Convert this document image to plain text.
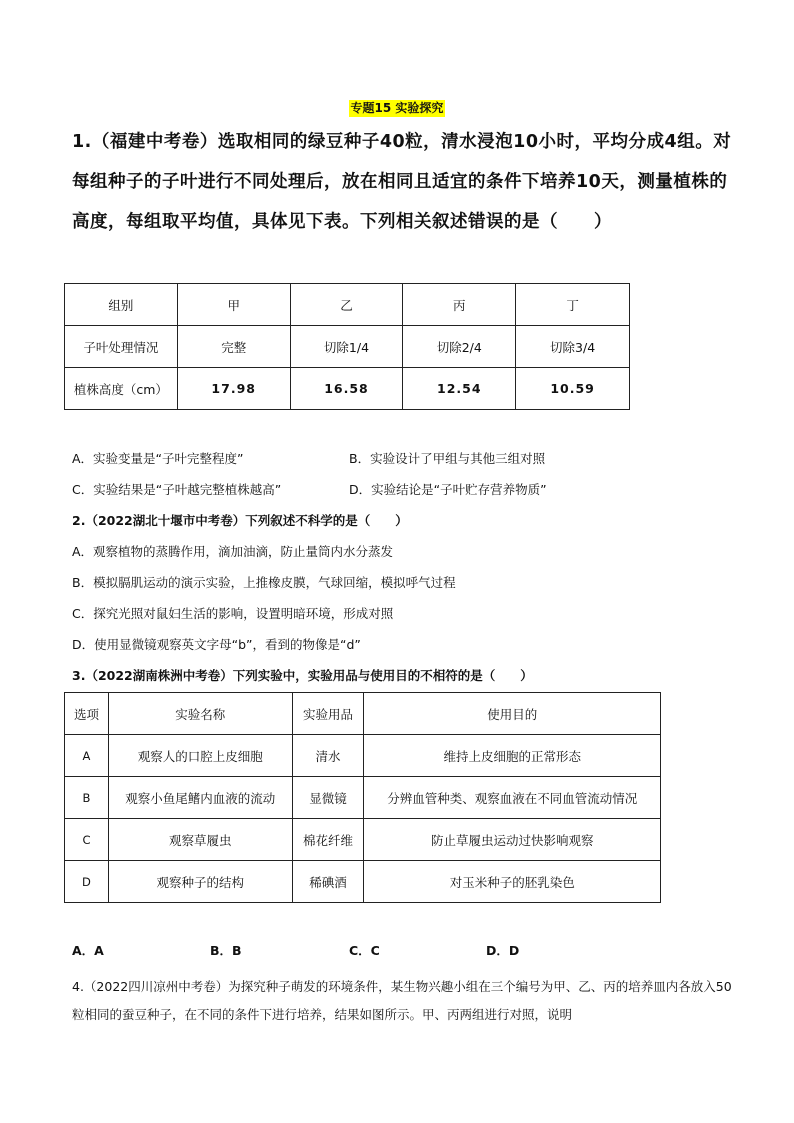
专题15 实验探究
1.（福建中考卷）选取相同的绿豆种子40粒，清水浸泡10小时，平均分成4组。对每组种子的子叶进行不同处理后，放在相同且适宜的条件下培养10天，测量植株的高度，每组取平均值，具体见下表。下列相关叙述错误的是（　　）
组别	甲	乙	丙	丁
子叶处理情况	完整	切除1/4	切除2/4	切除3/4
植株高度（cm）	17.98	16.58	12.54	10.59
A．实验变量是“子叶完整程度”	B．实验设计了甲组与其他三组对照
C．实验结果是“子叶越完整植株越高”	D．实验结论是“子叶贮存营养物质”
2.（2022湖北十堰市中考卷）下列叙述不科学的是（　　）
A．观察植物的蒸腾作用，滴加油滴，防止量筒内水分蒸发
B．模拟膈肌运动的演示实验，上推橡皮膜，气球回缩，模拟呼气过程
C．探究光照对鼠妇生活的影响，设置明暗环境，形成对照
D．使用显微镜观察英文字母“b”，看到的物像是“d”
3.（2022湖南株洲中考卷）下列实验中，实验用品与使用目的不相符的是（　　）
选项	实验名称	实验用品	使用目的
A	观察人的口腔上皮细胞	清水	维持上皮细胞的正常形态
B	观察小鱼尾鳍内血液的流动	显微镜	分辨血管种类、观察血液在不同血管流动情况
C	观察草履虫	棉花纤维	防止草履虫运动过快影响观察
D	观察种子的结构	稀碘酒	对玉米种子的胚乳染色
A．A	B．B	C．C	D．D
4.（2022四川凉州中考卷）为探究种子萌发的环境条件，某生物兴趣小组在三个编号为甲、乙、丙的培养皿内各放入50粒相同的蚕豆种子，在不同的条件下进行培养，结果如图所示。甲、丙两组进行对照，说明
